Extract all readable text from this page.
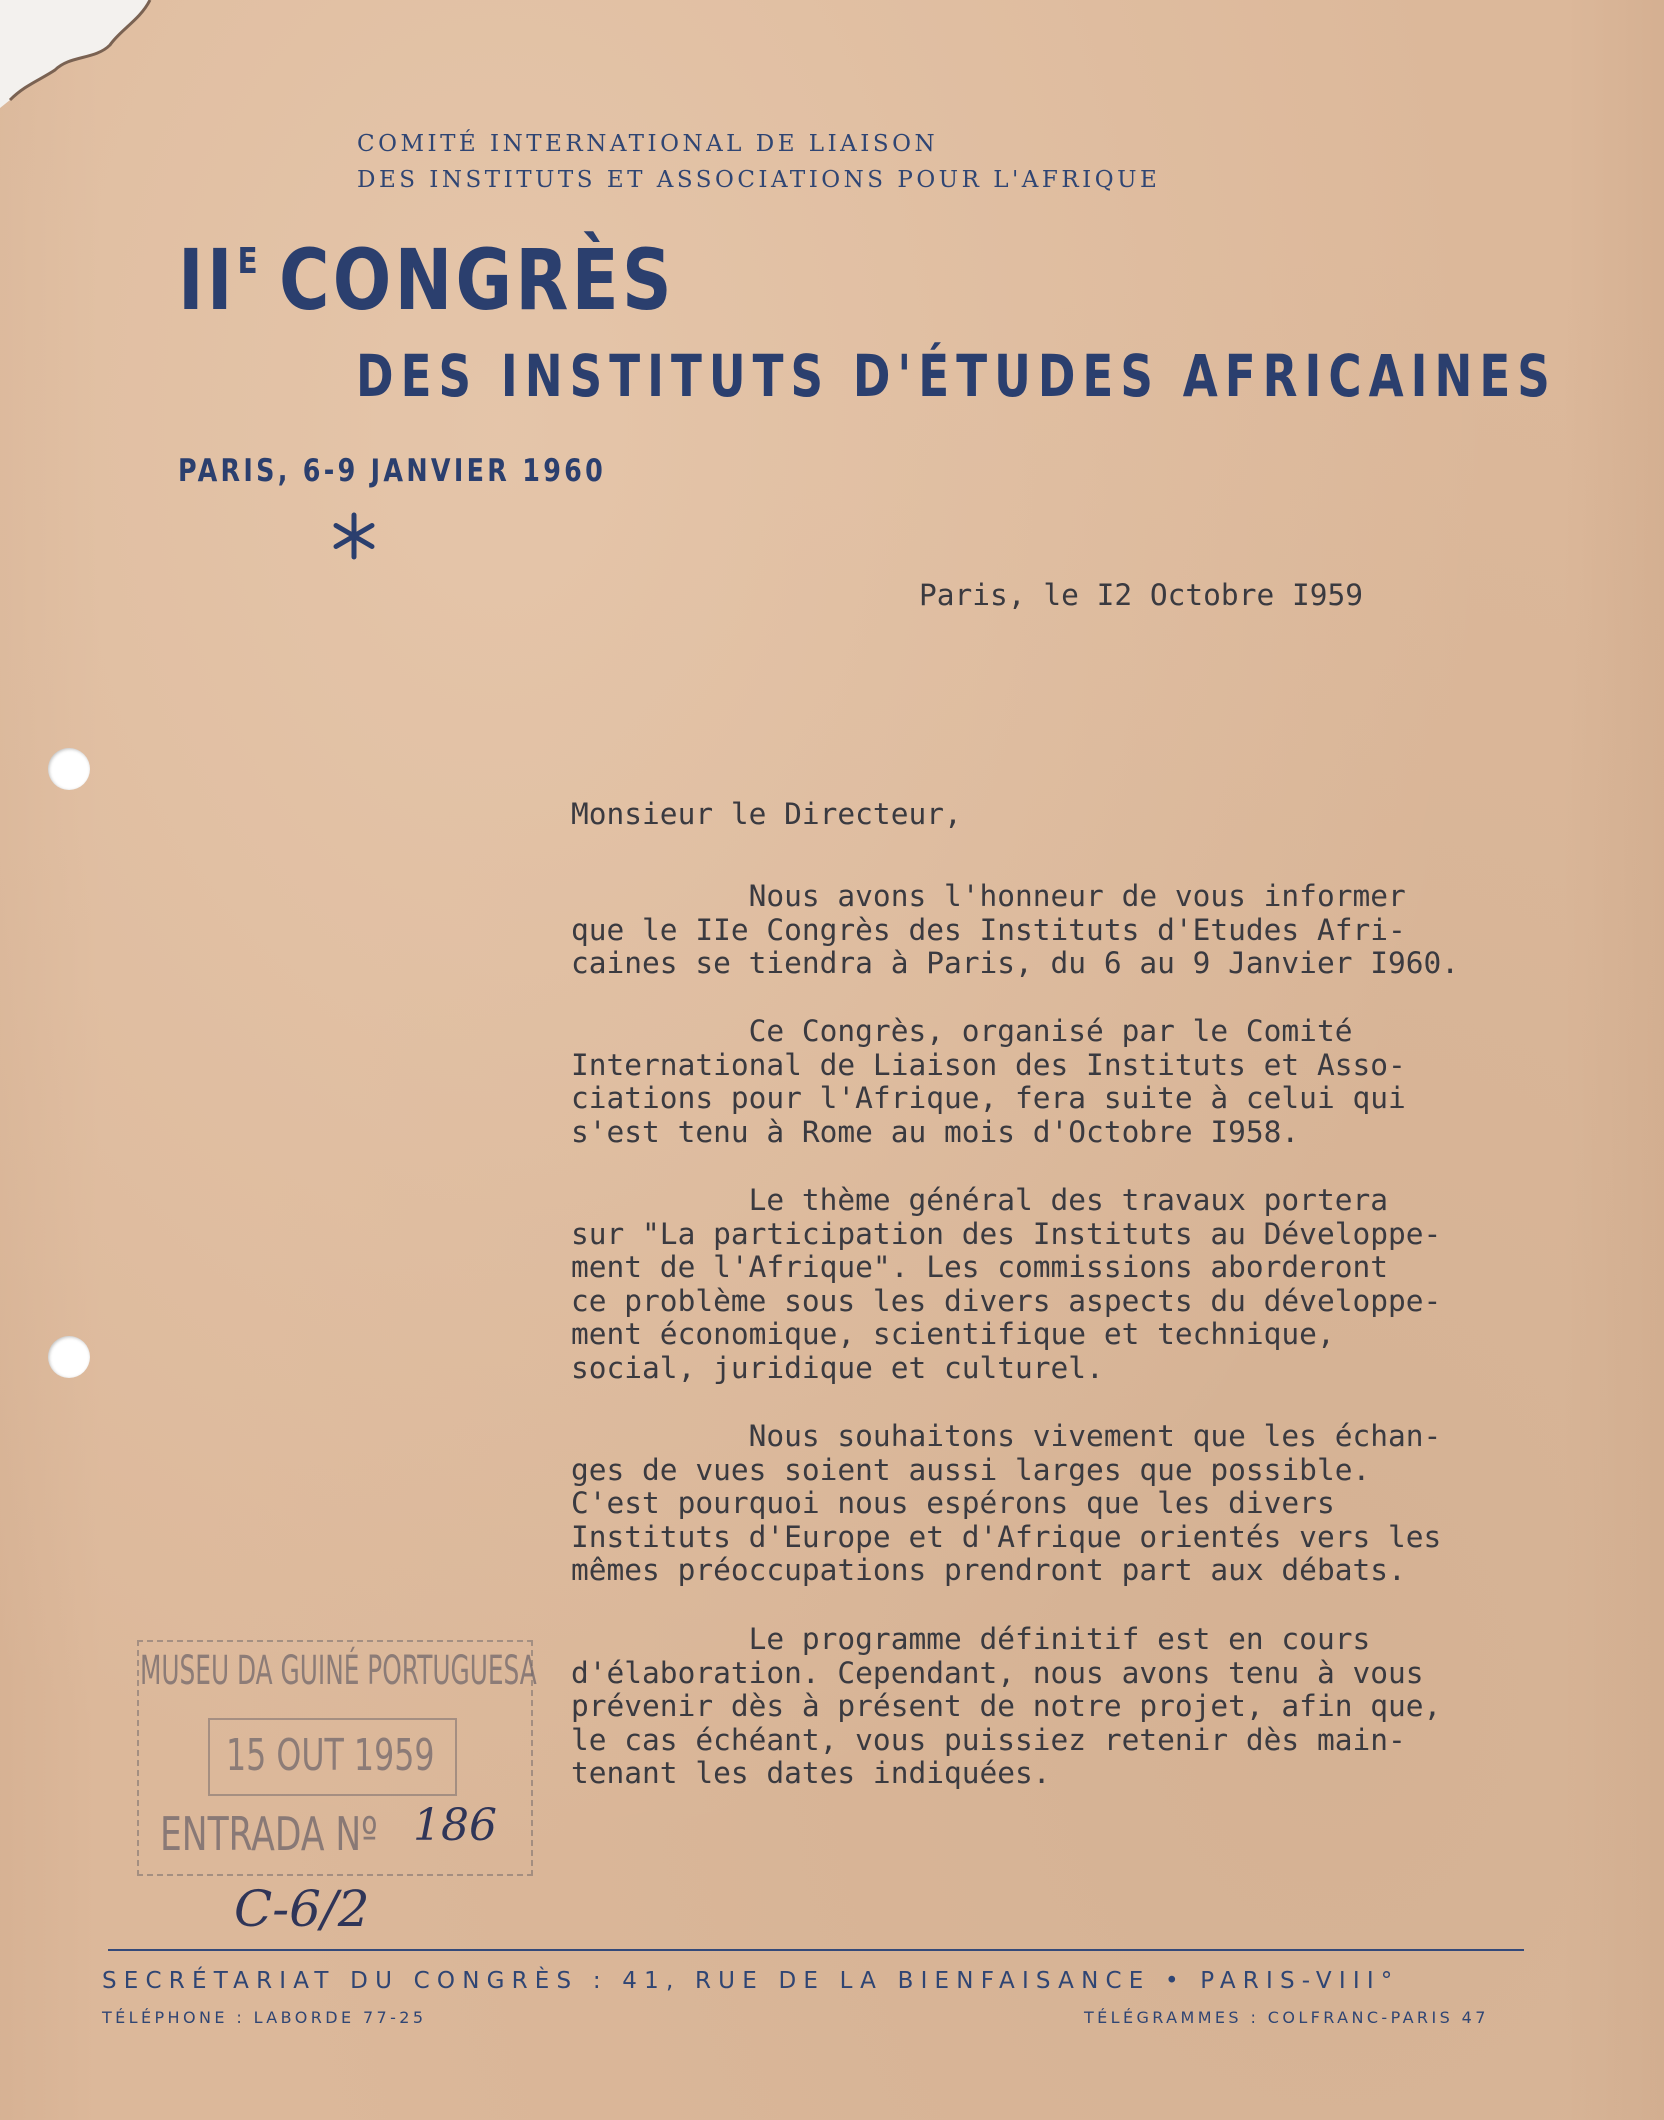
COMITÉ INTERNATIONAL DE LIAISON
DES INSTITUTS ET ASSOCIATIONS POUR L'AFRIQUE
$II^E$ CONGRÈS
DES INSTITUTS D'ÉTUDES AFRICAINES
PARIS, 6-9 JANVIER 1960
Paris, le I2 Octobre I959
Monsieur le Directeur,

Nous avons l'honneur de vous informer
que le IIe Congrès des Instituts d'Etudes Afri-
caines se tiendra à Paris, du 6 au 9 Janvier I960.

Ce Congrès, organisé par le Comité
International de Liaison des Instituts et Asso-
ciations pour l'Afrique, fera suite à celui qui
s'est tenu à Rome au mois d'Octobre I958.

Le thème général des travaux portera
sur "La participation des Instituts au Développe-
ment de l'Afrique". Les commissions aborderont
ce problème sous les divers aspects du développe-
ment économique, scientifique et technique,
social, juridique et culturel.

Nous souhaitons vivement que les échan-
ges de vues soient aussi larges que possible.
C'est pourquoi nous espérons que les divers
Instituts d'Europe et d'Afrique orientés vers les
mêmes préoccupations prendront part aux débats.

Le programme définitif est en cours
d'élaboration. Cependant, nous avons tenu à vous
prévenir dès à présent de notre projet, afin que,
le cas échéant, vous puissiez retenir dès main-
tenant les dates indiquées.

MUSEU DA GUINÉ PORTUGUESA
15 OUT 1959
ENTRADA Nº 186
C-6/2
SECRÉTARIAT DU CONGRÈS : 41, RUE DE LA BIENFAISANCE • PARIS-VIII°
TÉLÉPHONE : LABORDE 77-25	TÉLÉGRAMMES : COLFRANC-PARIS 47
